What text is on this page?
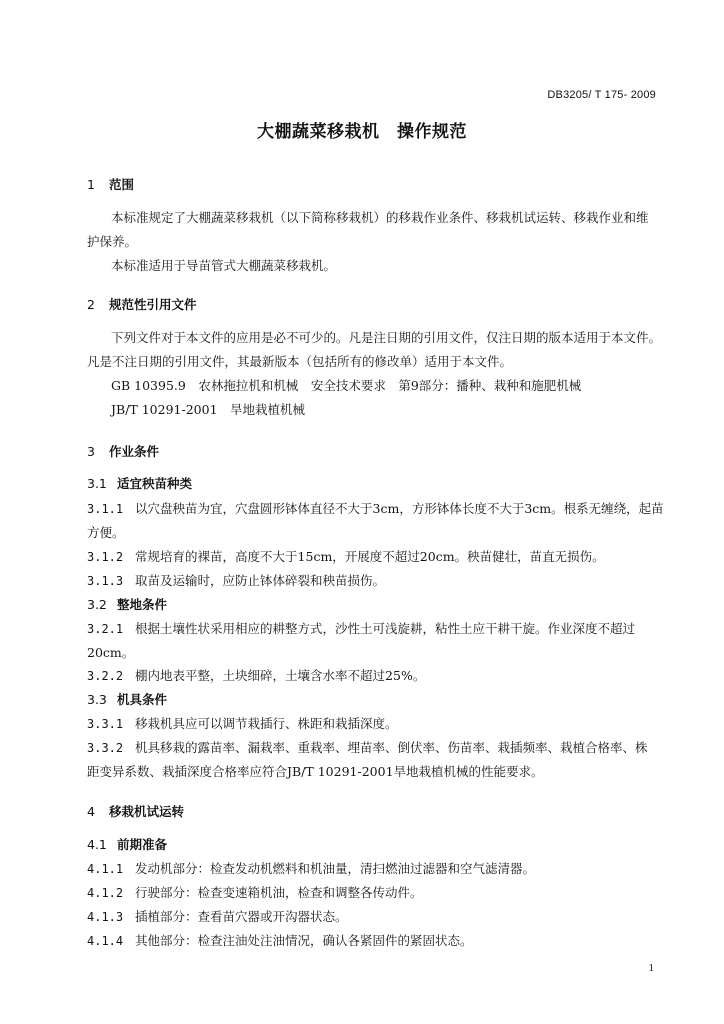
DB3205/ T 175- 2009
大棚蔬菜移栽机　操作规范
1 范围
本标准规定了大棚蔬菜移栽机（以下简称移栽机）的移栽作业条件、移栽机试运转、移栽作业和维
护保养。
本标准适用于导苗管式大棚蔬菜移栽机。
2 规范性引用文件
下列文件对于本文件的应用是必不可少的。凡是注日期的引用文件，仅注日期的版本适用于本文件。
凡是不注日期的引用文件，其最新版本（包括所有的修改单）适用于本文件。
GB 10395.9　农林拖拉机和机械　安全技术要求　第9部分：播种、栽种和施肥机械
JB/T 10291-2001　旱地栽植机械
3 作业条件
3.1 适宜秧苗种类
3.1.1 以穴盘秧苗为宜，穴盘圆形钵体直径不大于3cm，方形钵体长度不大于3cm。根系无缠绕，起苗
方便。
3.1.2 常规培育的裸苗，高度不大于15cm，开展度不超过20cm。秧苗健壮，苗直无损伤。
3.1.3 取苗及运输时，应防止钵体碎裂和秧苗损伤。
3.2 整地条件
3.2.1 根据土壤性状采用相应的耕整方式，沙性土可浅旋耕，粘性土应干耕干旋。作业深度不超过
20cm。
3.2.2 棚内地表平整，土块细碎，土壤含水率不超过25%。
3.3 机具条件
3.3.1 移栽机具应可以调节栽插行、株距和栽插深度。
3.3.2 机具移栽的露苗率、漏栽率、重栽率、埋苗率、倒伏率、伤苗率、栽插频率、栽植合格率、株
距变异系数、栽插深度合格率应符合JB/T 10291-2001旱地栽植机械的性能要求。
4 移栽机试运转
4.1 前期准备
4.1.1 发动机部分：检查发动机燃料和机油量，清扫燃油过滤器和空气滤清器。
4.1.2 行驶部分：检查变速箱机油，检查和调整各传动件。
4.1.3 插植部分：查看苗穴器或开沟器状态。
4.1.4 其他部分：检查注油处注油情况，确认各紧固件的紧固状态。
1
